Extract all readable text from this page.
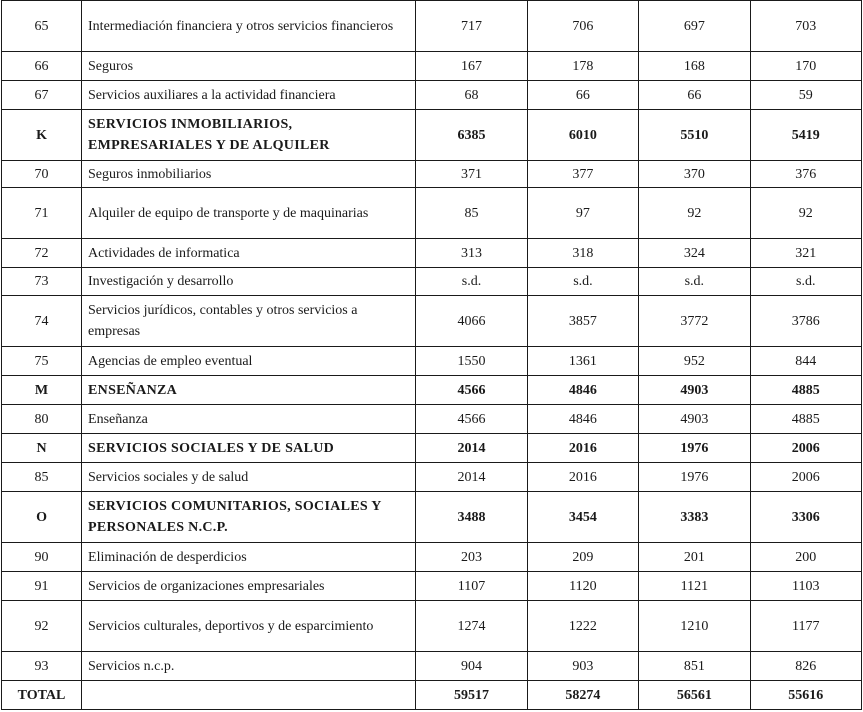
65	Intermediación financiera y otros servicios financieros	717	706	697	703
66	Seguros	167	178	168	170
67	Servicios auxiliares a la actividad financiera	68	66	66	59
K	SERVICIOS INMOBILIARIOS, EMPRESARIALES Y DE ALQUILER	6385	6010	5510	5419
70	Seguros inmobiliarios	371	377	370	376
71	Alquiler de equipo de transporte y de maquinarias	85	97	92	92
72	Actividades de informatica	313	318	324	321
73	Investigación y desarrollo	s.d.	s.d.	s.d.	s.d.
74	Servicios jurídicos, contables y otros servicios a empresas	4066	3857	3772	3786
75	Agencias de empleo eventual	1550	1361	952	844
M	ENSEÑANZA	4566	4846	4903	4885
80	Enseñanza	4566	4846	4903	4885
N	SERVICIOS SOCIALES Y DE SALUD	2014	2016	1976	2006
85	Servicios sociales y de salud	2014	2016	1976	2006
O	SERVICIOS COMUNITARIOS, SOCIALES Y PERSONALES N.C.P.	3488	3454	3383	3306
90	Eliminación de desperdicios	203	209	201	200
91	Servicios de organizaciones empresariales	1107	1120	1121	1103
92	Servicios culturales, deportivos y de esparcimiento	1274	1222	1210	1177
93	Servicios n.c.p.	904	903	851	826
TOTAL		59517	58274	56561	55616
